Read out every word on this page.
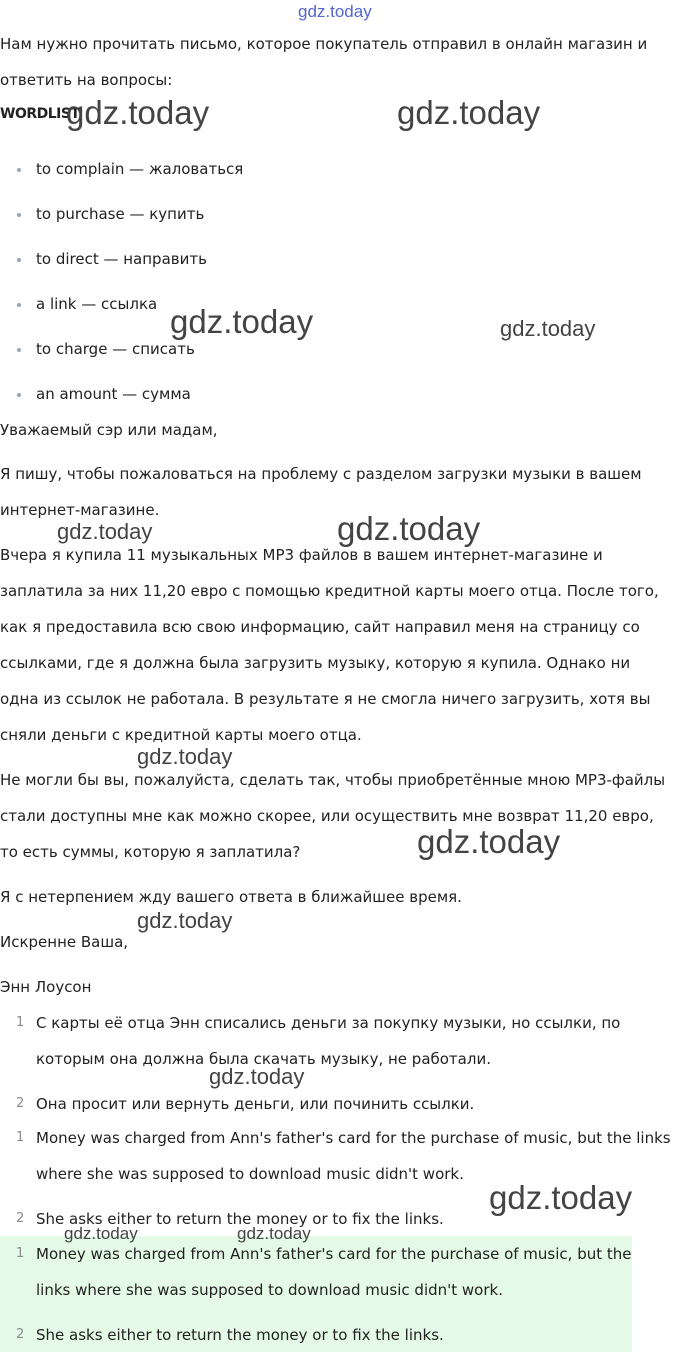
Нам нужно прочитать письмо, которое покупатель отправил в онлайн магазин и ответить на вопросы:

WORDLIST
to complain — жаловаться
to purchase — купить
to direct — направить
a link — ссылка
to charge — списать
an amount — сумма

Уважаемый сэр или мадам,

Я пишу, чтобы пожаловаться на проблему с разделом загрузки музыки в вашем интернет-магазине.

Вчера я купила 11 музыкальных MP3 файлов в вашем интернет-магазине и заплатила за них 11,20 евро с помощью кредитной карты моего отца. После того, как я предоставила всю свою информацию, сайт направил меня на страницу со ссылками, где я должна была загрузить музыку, которую я купила. Однако ни одна из ссылок не работала. В результате я не смогла ничего загрузить, хотя вы сняли деньги с кредитной карты моего отца.

Не могли бы вы, пожалуйста, сделать так, чтобы приобретённые мною MP3-файлы стали доступны мне как можно скорее, или осуществить мне возврат 11,20 евро, то есть суммы, которую я заплатила?

Я с нетерпением жду вашего ответа в ближайшее время.

Искренне Ваша,

Энн Лоусон

1 С карты её отца Энн списались деньги за покупку музыки, но ссылки, по которым она должна была скачать музыку, не работали.
2 Она просит или вернуть деньги, или починить ссылки.
1 Money was charged from Ann's father's card for the purchase of music, but the links where she was supposed to download music didn't work.
2 She asks either to return the money or to fix the links.
1 Money was charged from Ann's father's card for the purchase of music, but the links where she was supposed to download music didn't work.
2 She asks either to return the money or to fix the links.
gdz.today
gdz.today	gdz.today
gdz.today	gdz.today
gdz.today	gdz.today
gdz.today
gdz.today
gdz.today
gdz.today
gdz.today
gdz.today	gdz.today
